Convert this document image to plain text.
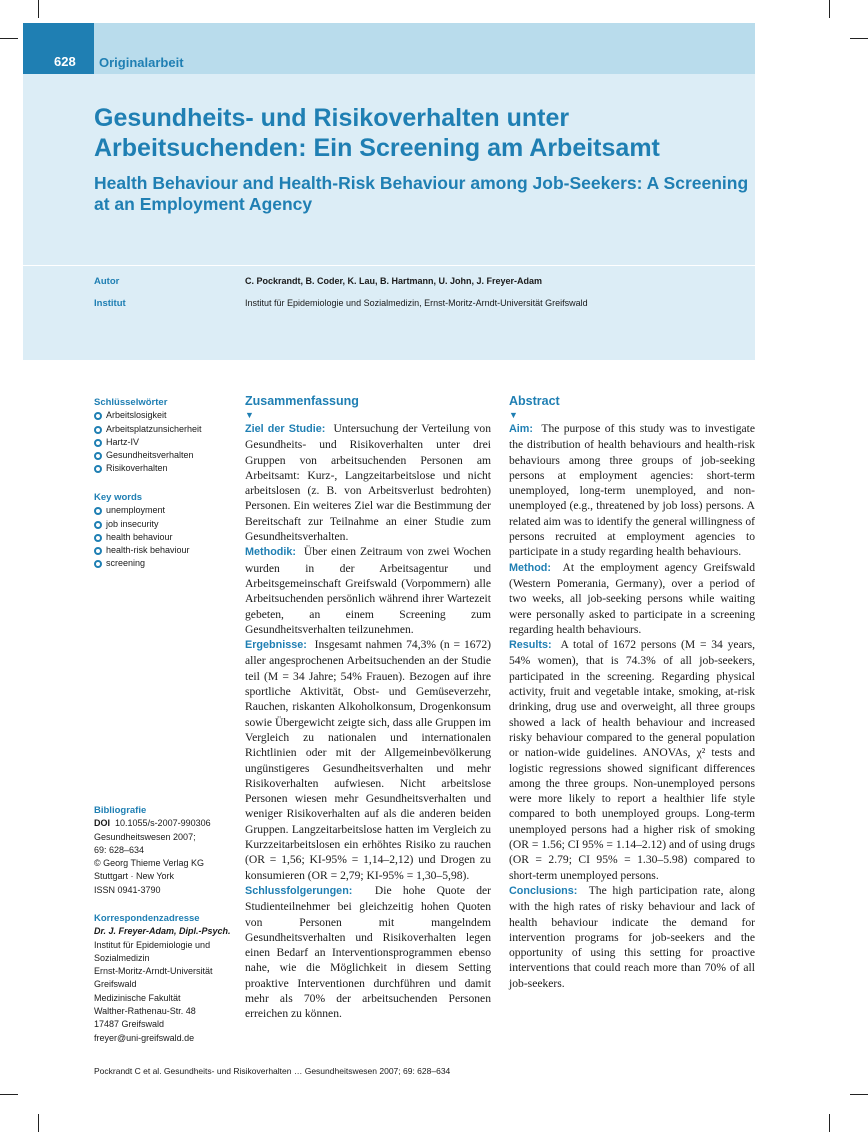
628	Originalarbeit
Gesundheits- und Risikoverhalten unter Arbeitsuchenden: Ein Screening am Arbeitsamt
Health Behaviour and Health-Risk Behaviour among Job-Seekers: A Screening at an Employment Agency
Autor	C. Pockrandt, B. Coder, K. Lau, B. Hartmann, U. John, J. Freyer-Adam
Institut	Institut für Epidemiologie und Sozialmedizin, Ernst-Moritz-Arndt-Universität Greifswald
Schlüsselwörter
Arbeitslosigkeit
Arbeitsplatzunsicherheit
Hartz-IV
Gesundheitsverhalten
Risikoverhalten
Key words
unemployment
job insecurity
health behaviour
health-risk behaviour
screening
Bibliografie
DOI 10.1055/s-2007-990306
Gesundheitswesen 2007;
69: 628–634
© Georg Thieme Verlag KG
Stuttgart · New York
ISSN 0941-3790
Korrespondenzadresse
Dr. J. Freyer-Adam, Dipl.-Psych.
Institut für Epidemiologie und
Sozialmedizin
Ernst-Moritz-Arndt-Universität
Greifswald
Medizinische Fakultät
Walther-Rathenau-Str. 48
17487 Greifswald
freyer@uni-greifswald.de
Zusammenfassung
▼

Ziel der Studie: Untersuchung der Verteilung von Gesundheits- und Risikoverhalten unter drei Gruppen von arbeitsuchenden Personen am Arbeitsamt: Kurz-, Langzeitarbeitslose und nicht arbeitslosen (z. B. von Arbeitsverlust bedrohten) Personen. Ein weiteres Ziel war die Bestimmung der Bereitschaft zur Teilnahme an einer Studie zum Gesundheitsverhalten.

Methodik: Über einen Zeitraum von zwei Wochen wurden in der Arbeitsagentur und Arbeitsgemeinschaft Greifswald (Vorpommern) alle Arbeitsuchenden persönlich während ihrer Wartezeit gebeten, an einem Screening zum Gesundheitsverhalten teilzunehmen.

Ergebnisse: Insgesamt nahmen 74,3% (n = 1672) aller angesprochenen Arbeitsuchenden an der Studie teil (M = 34 Jahre; 54% Frauen). Bezogen auf ihre sportliche Aktivität, Obst- und Gemüseverzehr, Rauchen, riskanten Alkoholkonsum, Drogenkonsum sowie Übergewicht zeigte sich, dass alle Gruppen im Vergleich zu nationalen und internationalen Richtlinien oder mit der Allgemeinbevölkerung ungünstigeres Gesundheitsverhalten und mehr Risikoverhalten aufwiesen. Nicht arbeitslose Personen wiesen mehr Gesundheitsverhalten und weniger Risikoverhalten auf als die anderen beiden Gruppen. Langzeitarbeitslose hatten im Vergleich zu Kurzzeitarbeitslosen ein erhöhtes Risiko zu rauchen (OR = 1,56; KI-95% = 1,14–2,12) und Drogen zu konsumieren (OR = 2,79; KI-95% = 1,30–5,98).

Schlussfolgerungen: Die hohe Quote der Studienteilnehmer bei gleichzeitig hohen Quoten von Personen mit mangelndem Gesundheitsverhalten und Risikoverhalten legen einen Bedarf an Interventionsprogrammen ebenso nahe, wie die Möglichkeit in diesem Setting proaktive Interventionen durchführen und damit mehr als 70% der arbeitsuchenden Personen erreichen zu können.

Abstract
▼

Aim: The purpose of this study was to investigate the distribution of health behaviours and health-risk behaviours among three groups of job-seeking persons at employment agencies: short-term unemployed, long-term unemployed, and non-unemployed (e.g., threatened by job loss) persons. A related aim was to identify the general willingness of persons recruited at employment agencies to participate in a study regarding health behaviours.

Method: At the employment agency Greifswald (Western Pomerania, Germany), over a period of two weeks, all job-seeking persons while waiting were personally asked to participate in a screening regarding health behaviours.

Results: A total of 1672 persons (M = 34 years, 54% women), that is 74.3% of all job-seekers, participated in the screening. Regarding physical activity, fruit and vegetable intake, smoking, at-risk drinking, drug use and overweight, all three groups showed a lack of health behaviour and increased risky behaviour compared to the general population or nation-wide guidelines. ANOVAs, χ² tests and logistic regressions showed significant differences among the three groups. Non-unemployed persons were more likely to report a healthier life style compared to both unemployed groups. Long-term unemployed persons had a higher risk of smoking (OR = 1.56; CI 95% = 1.14–2.12) and of using drugs (OR = 2.79; CI 95% = 1.30–5.98) compared to short-term unemployed persons.

Conclusions: The high participation rate, along with the high rates of risky behaviour and lack of health behaviour indicate the demand for intervention programs for job-seekers and the opportunity of using this setting for proactive interventions that could reach more than 70% of all job-seekers.

Pockrandt C et al. Gesundheits- und Risikoverhalten … Gesundheitswesen 2007; 69: 628–634
